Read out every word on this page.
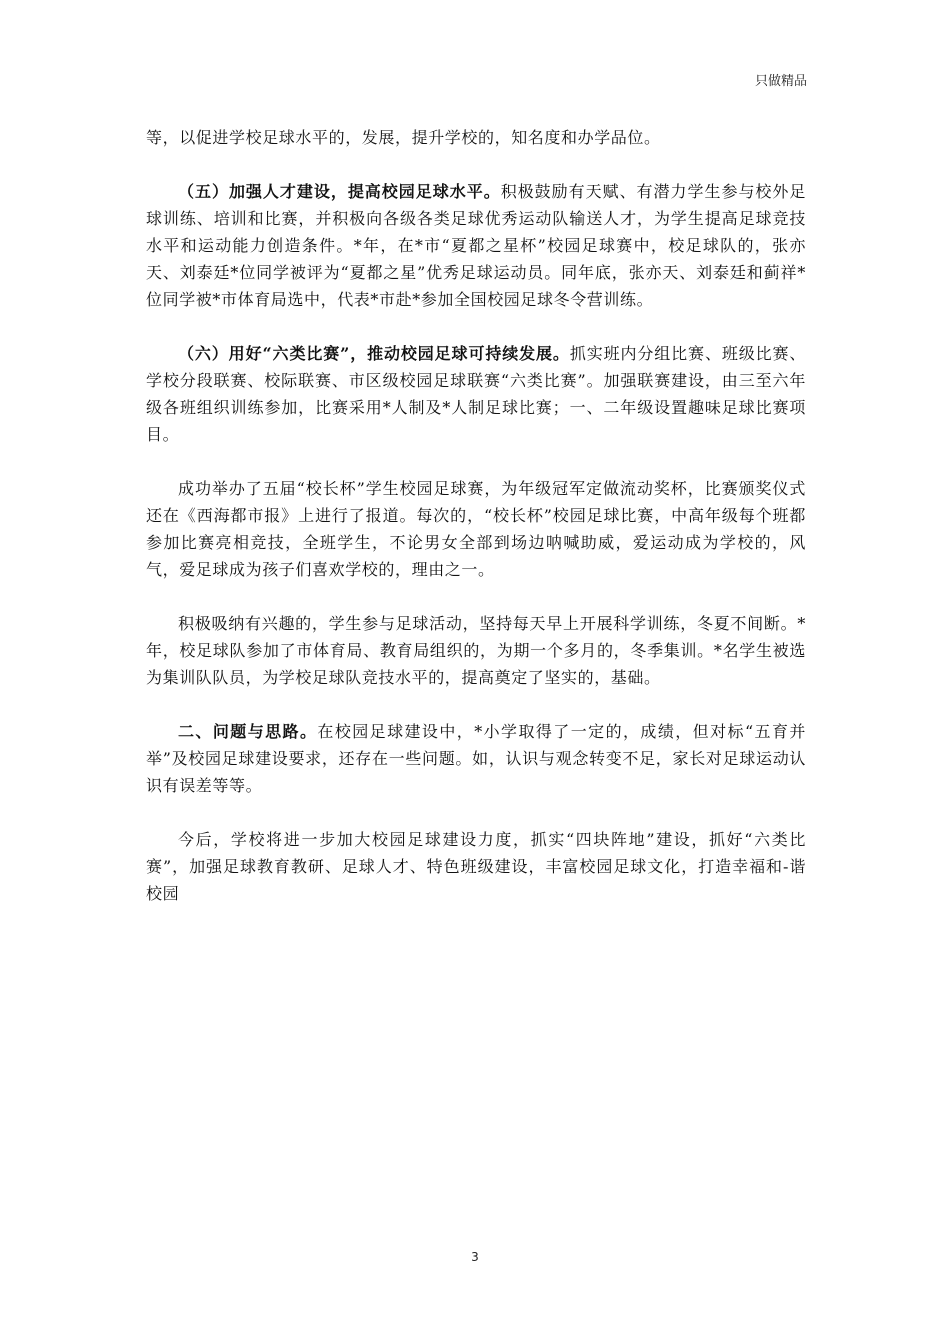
只做精品

等，以促进学校足球水平的，发展，提升学校的，知名度和办学品位。

（五）加强人才建设，提高校园足球水平。积极鼓励有天赋、有潜力学生参与校外足球训练、培训和比赛，并积极向各级各类足球优秀运动队输送人才，为学生提高足球竞技水平和运动能力创造条件。*年，在*市“夏都之星杯”校园足球赛中，校足球队的，张亦天、刘泰廷*位同学被评为“夏都之星”优秀足球运动员。同年底，张亦天、刘泰廷和蓟祥*位同学被*市体育局选中，代表*市赴*参加全国校园足球冬令营训练。

（六）用好“六类比赛”，推动校园足球可持续发展。抓实班内分组比赛、班级比赛、学校分段联赛、校际联赛、市区级校园足球联赛“六类比赛”。加强联赛建设，由三至六年级各班组织训练参加，比赛采用*人制及*人制足球比赛；一、二年级设置趣味足球比赛项目。

成功举办了五届“校长杯”学生校园足球赛，为年级冠军定做流动奖杯，比赛颁奖仪式还在《西海都市报》上进行了报道。每次的，“校长杯”校园足球比赛，中高年级每个班都参加比赛亮相竞技，全班学生，不论男女全部到场边呐喊助威，爱运动成为学校的，风气，爱足球成为孩子们喜欢学校的，理由之一。

积极吸纳有兴趣的，学生参与足球活动，坚持每天早上开展科学训练，冬夏不间断。*年，校足球队参加了市体育局、教育局组织的，为期一个多月的，冬季集训。*名学生被选为集训队队员，为学校足球队竞技水平的，提高奠定了坚实的，基础。

二、问题与思路。在校园足球建设中，*小学取得了一定的，成绩，但对标“五育并举”及校园足球建设要求，还存在一些问题。如，认识与观念转变不足，家长对足球运动认识有误差等等。

今后，学校将进一步加大校园足球建设力度，抓实“四块阵地”建设，抓好“六类比赛”，加强足球教育教研、足球人才、特色班级建设，丰富校园足球文化，打造幸福和-谐校园

3
